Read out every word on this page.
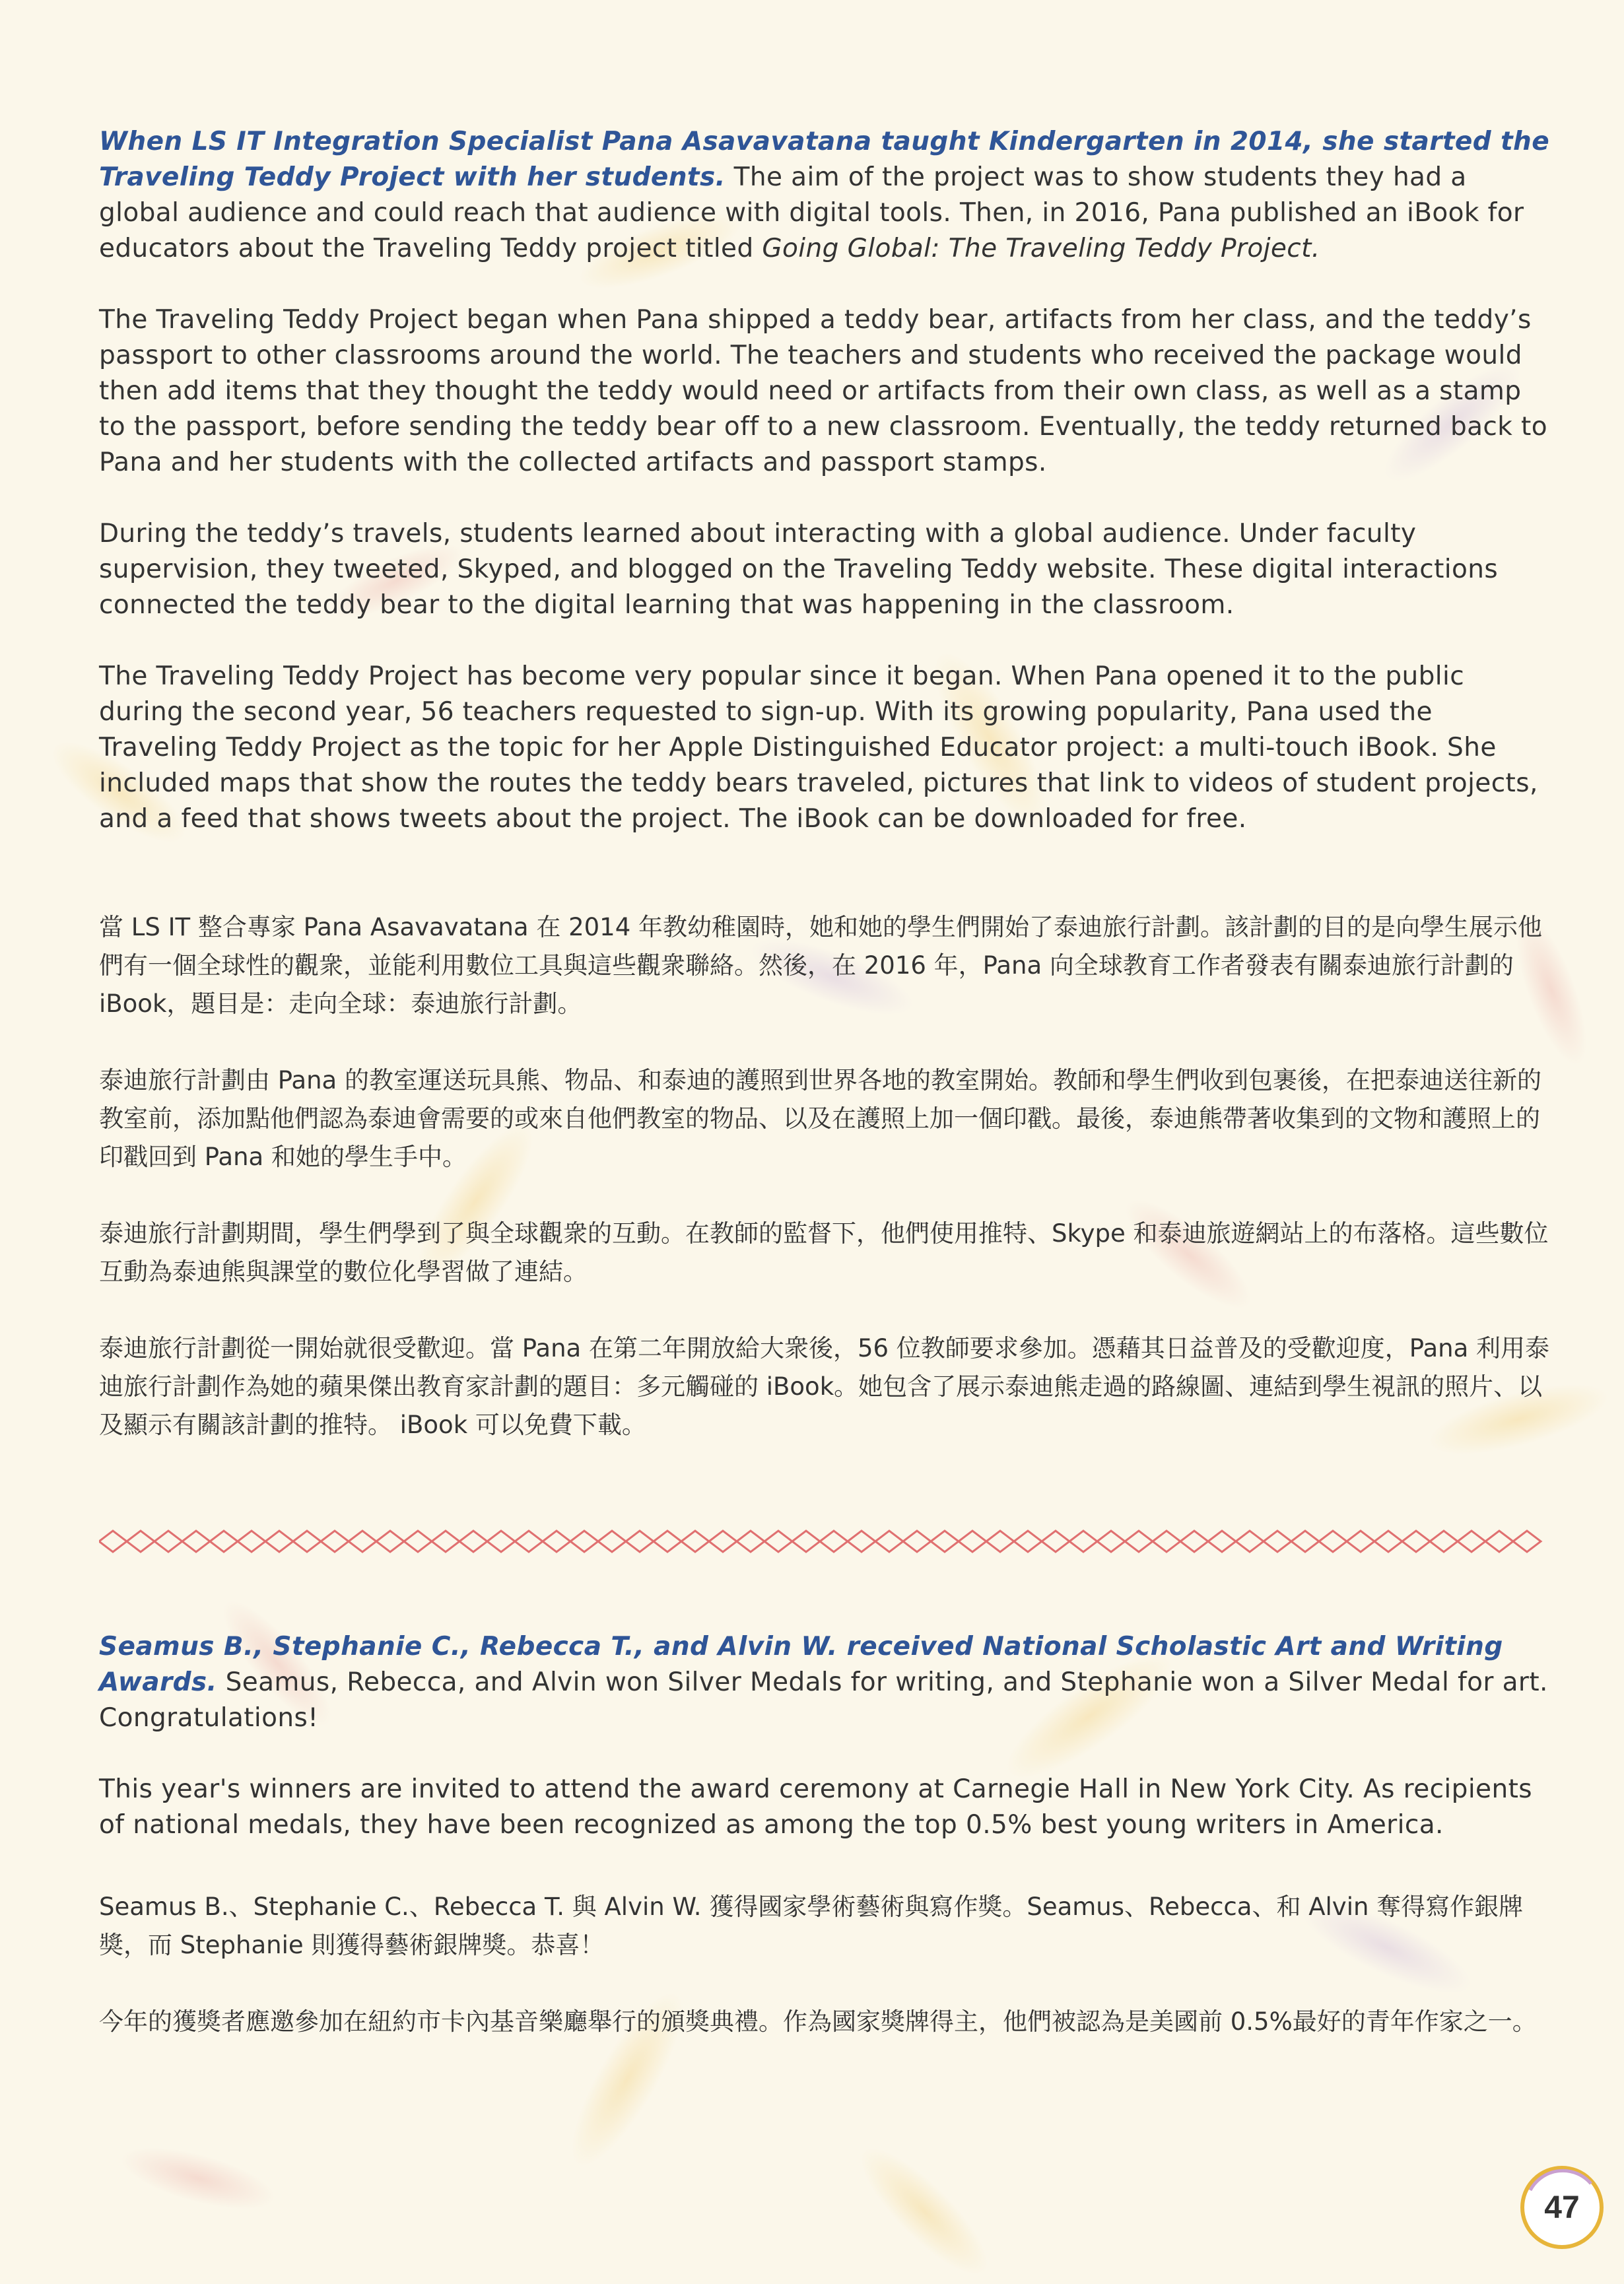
When LS IT Integration Specialist Pana Asavavatana taught Kindergarten in 2014, she started the Traveling Teddy Project with her students. The aim of the project was to show students they had a global audience and could reach that audience with digital tools. Then, in 2016, Pana published an iBook for educators about the Traveling Teddy project titled Going Global: The Traveling Teddy Project.

The Traveling Teddy Project began when Pana shipped a teddy bear, artifacts from her class, and the teddy’s passport to other classrooms around the world. The teachers and students who received the package would then add items that they thought the teddy would need or artifacts from their own class, as well as a stamp to the passport, before sending the teddy bear off to a new classroom. Eventually, the teddy returned back to Pana and her students with the collected artifacts and passport stamps.

During the teddy’s travels, students learned about interacting with a global audience. Under faculty supervision, they tweeted, Skyped, and blogged on the Traveling Teddy website. These digital interactions connected the teddy bear to the digital learning that was happening in the classroom.

The Traveling Teddy Project has become very popular since it began. When Pana opened it to the public during the second year, 56 teachers requested to sign-up. With its growing popularity, Pana used the Traveling Teddy Project as the topic for her Apple Distinguished Educator project: a multi-touch iBook. She included maps that show the routes the teddy bears traveled, pictures that link to videos of student projects, and a feed that shows tweets about the project. The iBook can be downloaded for free.

當 LS IT 整合專家 Pana Asavavatana 在 2014 年教幼稚園時，她和她的學生們開始了泰迪旅行計劃。該計劃的目的是向學生展示他們有一個全球性的觀衆，並能利用數位工具與這些觀衆聯絡。然後，在 2016 年，Pana 向全球教育工作者發表有關泰迪旅行計劃的 iBook，題目是：走向全球：泰迪旅行計劃。

泰迪旅行計劃由 Pana 的教室運送玩具熊、物品、和泰迪的護照到世界各地的教室開始。教師和學生們收到包裹後，在把泰迪送往新的教室前，添加點他們認為泰迪會需要的或來自他們教室的物品、以及在護照上加一個印戳。最後，泰迪熊帶著收集到的文物和護照上的印戳回到 Pana 和她的學生手中。

泰迪旅行計劃期間，學生們學到了與全球觀衆的互動。在教師的監督下，他們使用推特、Skype 和泰迪旅遊網站上的布落格。這些數位互動為泰迪熊與課堂的數位化學習做了連結。

泰迪旅行計劃從一開始就很受歡迎。當 Pana 在第二年開放給大衆後，56 位教師要求參加。憑藉其日益普及的受歡迎度，Pana 利用泰迪旅行計劃作為她的蘋果傑出教育家計劃的題目：多元觸碰的 iBook。她包含了展示泰迪熊走過的路線圖、連結到學生視訊的照片、以及顯示有關該計劃的推特。 iBook 可以免費下載。

Seamus B., Stephanie C., Rebecca T., and Alvin W. received National Scholastic Art and Writing Awards. Seamus, Rebecca, and Alvin won Silver Medals for writing, and Stephanie won a Silver Medal for art. Congratulations!

This year's winners are invited to attend the award ceremony at Carnegie Hall in New York City. As recipients of national medals, they have been recognized as among the top 0.5% best young writers in America.

Seamus B.、Stephanie C.、Rebecca T. 與 Alvin W. 獲得國家學術藝術與寫作獎。Seamus、Rebecca、和 Alvin 奪得寫作銀牌獎，而 Stephanie 則獲得藝術銀牌獎。恭喜！

今年的獲獎者應邀參加在紐約市卡內基音樂廳舉行的頒獎典禮。作為國家獎牌得主，他們被認為是美國前 0.5%最好的青年作家之一。

47
